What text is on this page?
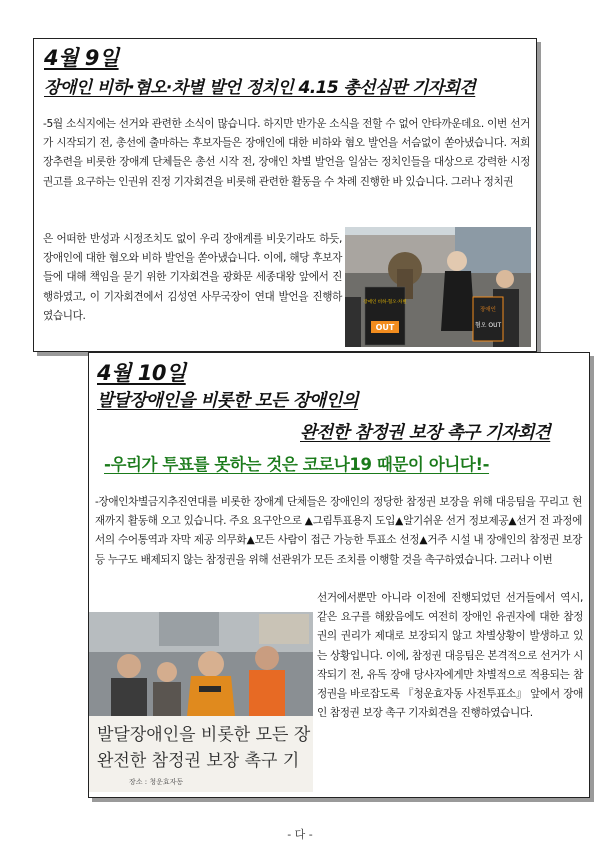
4월 9일
장애인 비하·혐오·차별 발언 정치인 4.15 총선심판 기자회견
-5월 소식지에는 선거와 관련한 소식이 많습니다. 하지만 반가운 소식을 전할 수 없어 안타까운데요. 이번 선거가 시작되기 전, 총선에 출마하는 후보자들은 장애인에 대한 비하와 혐오 발언을 서슴없이 쏟아냈습니다. 저희 장추련을 비롯한 장애계 단체들은 총선 시작 전, 장애인 차별 발언을 일삼는 정치인들을 대상으로 강력한 시정 권고를 요구하는 인권위 진정 기자회견을 비롯해 관련한 활동을 수 차례 진행한 바 있습니다. 그러나 정치권
은 어떠한 반성과 시정조치도 없이 우리 장애계를 비웃기라도 하듯, 장애인에 대한 혐오와 비하 발언을 쏟아냈습니다. 이에, 해당 후보자들에 대해 책임을 묻기 위한 기자회견을 광화문 세종대왕 앞에서 진행하였고, 이 기자회견에서 김성연 사무국장이 연대 발언을 진행하였습니다.	장애인
혐오 OUT
장애인 비하·혐오·차별
OUT
4월 10일
발달장애인을 비롯한 모든 장애인의
완전한 참정권 보장 촉구 기자회견
-우리가 투표를 못하는 것은 코로나19 때문이 아니다!-
-장애인차별금지추진연대를 비롯한 장애계 단체들은 장애인의 정당한 참정권 보장을 위해 대응팀을 꾸리고 현재까지 활동해 오고 있습니다. 주요 요구안으로 ▲그림투표용지 도입▲알기쉬운 선거 정보제공▲선거 전 과정에서의 수어통역과 자막 제공 의무화▲모든 사람이 접근 가능한 투표소 선정▲거주 시설 내 장애인의 참정권 보장 등 누구도 배제되지 않는 참정권을 위해 선관위가 모든 조치를 이행할 것을 촉구하였습니다. 그러나 이번
선거에서뿐만 아니라 이전에 진행되었던 선거들에서 역시, 같은 요구를 해왔음에도 여전히 장애인 유권자에 대한 참정권의 권리가 제대로 보장되지 않고 차별상황이 발생하고 있는 상황입니다. 이에, 참정권 대응팀은 본격적으로 선거가 시작되기 전, 유독 장애 당사자에게만 차별적으로 적용되는 참정권을 바로잡도록 『청운효자동 사전투표소』 앞에서 장애인 참정권 보장 촉구 기자회견을 진행하였습니다.
발달장애인을 비롯한 모든 장
완전한 참정권 보장 촉구 기
장소 : 청운효자동
- 다 -
